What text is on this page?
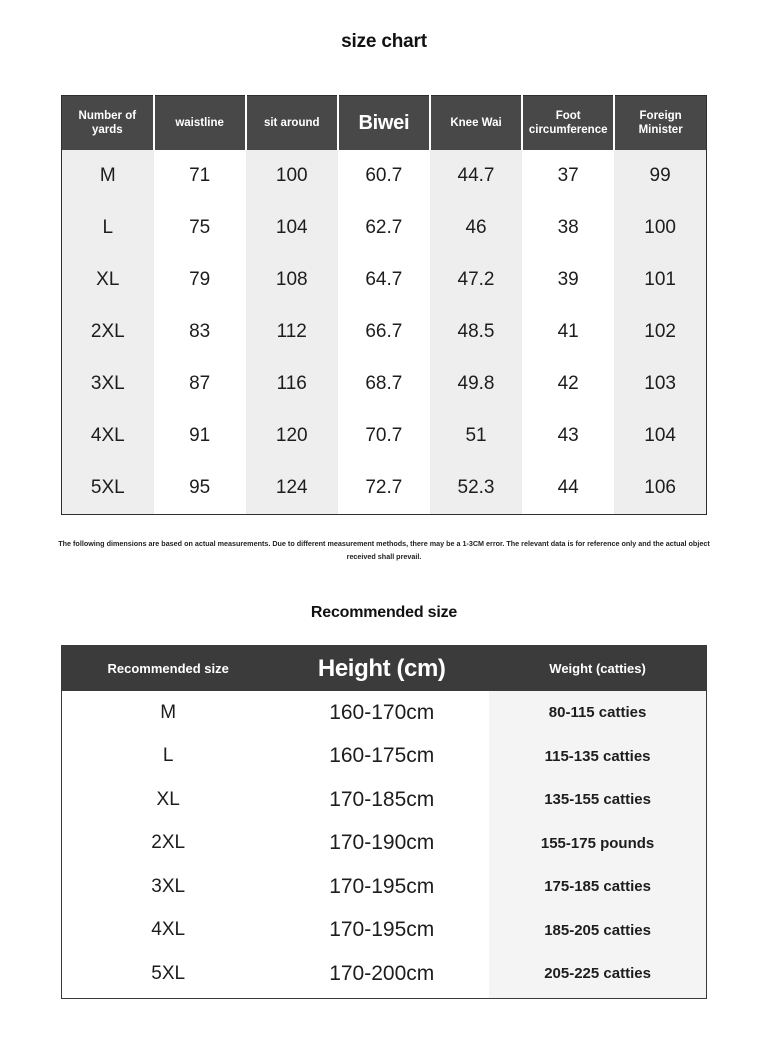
size chart
Number of yards	waistline	sit around	Biwei	Knee Wai	Foot circumference	Foreign Minister
M	71	100	60.7	44.7	37	99
L	75	104	62.7	46	38	100
XL	79	108	64.7	47.2	39	101
2XL	83	112	66.7	48.5	41	102
3XL	87	116	68.7	49.8	42	103
4XL	91	120	70.7	51	43	104
5XL	95	124	72.7	52.3	44	106

The following dimensions are based on actual measurements. Due to different measurement methods, there may be a 1-3CM error. The relevant data is for reference only and the actual object received shall prevail.

Recommended size
Recommended size	Height (cm)	Weight (catties)
M	160-170cm	80-115 catties
L	160-175cm	115-135 catties
XL	170-185cm	135-155 catties
2XL	170-190cm	155-175 pounds
3XL	170-195cm	175-185 catties
4XL	170-195cm	185-205 catties
5XL	170-200cm	205-225 catties
